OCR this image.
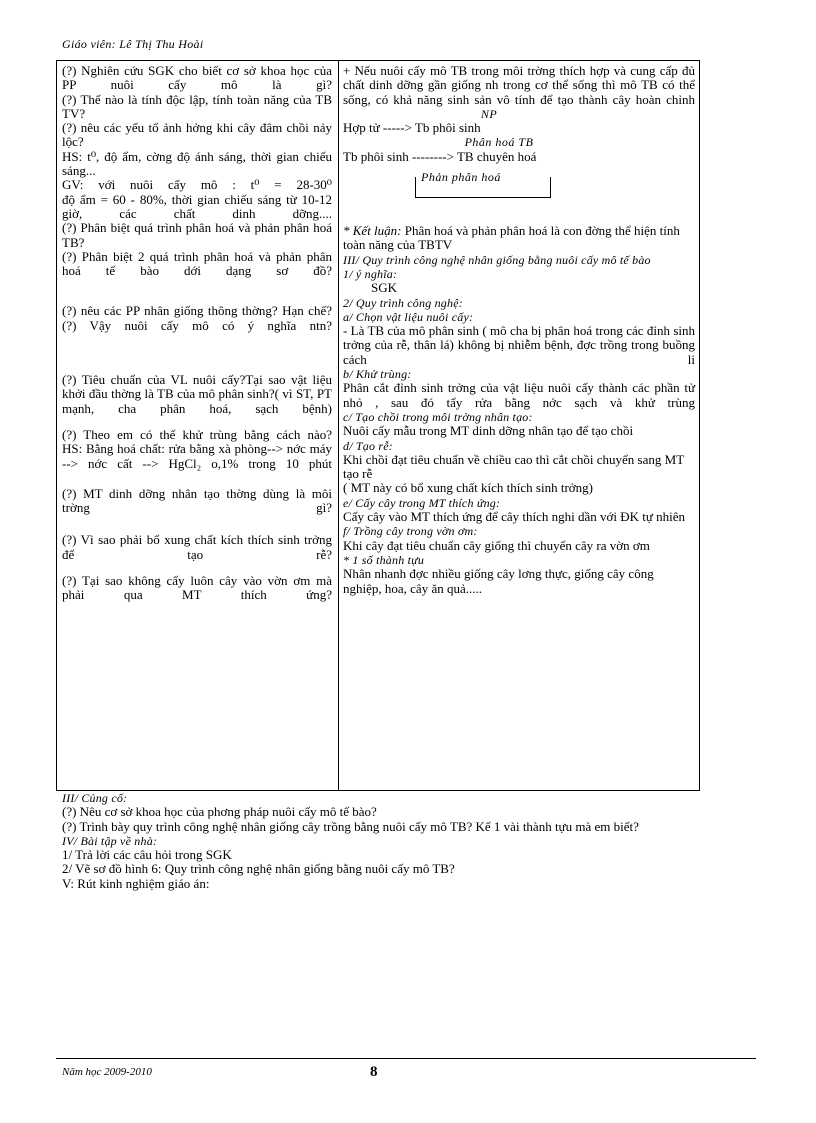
Giáo viên: Lê Thị Thu Hoài

(?) Nghiên cứu SGK cho biết cơ sở khoa học của PP nuôi cấy mô là gì?

(?) Thế nào là tính độc lập, tính toàn năng của TB TV?

(?) nêu các yếu tố ảnh hởng khi cây đâm chồi nảy lộc?

HS: t⁰, độ ẩm, cờng độ ánh sáng, thời gian chiếu sáng...

GV: với nuôi cấy mô : t⁰ = 28-30⁰

độ ẩm = 60 - 80%, thời gian chiếu sáng từ 10-12 giờ, các chất dinh dỡng....

(?) Phân biệt quá trình phân hoá và phản phân hoá TB?

(?) Phân biệt 2 quá trình phân hoá và phản phân hoá tế bào dới dạng sơ đồ?

(?) nêu các PP nhân giống thông thờng? Hạn chế?

(?) Vậy nuôi cấy mô có ý nghĩa ntn?

(?) Tiêu chuẩn của VL nuôi cấy?Tại sao vật liệu khởi đầu thờng là TB của mô phân sinh?( vì ST, PT mạnh, cha phân hoá, sạch bệnh)

(?) Theo em có thể khử trùng bằng cách nào?

HS: Bằng hoá chất: rửa bằng xà phòng--> nớc máy --> nớc cất --> HgCl₂ o,1% trong 10 phút

(?) MT dinh dỡng nhân tạo thờng dùng là môi trờng gì?

(?) Vì sao phải bổ xung chất kích thích sinh trởng để tạo rễ?

(?) Tại sao không cấy luôn cây vào vờn ơm mà phải qua MT thích ứng?

+ Nếu nuôi cấy mô TB trong môi trờng thích hợp và cung cấp đủ chất dinh dỡng gần giống nh trong cơ thể sống thì mô TB có thể sống, có khả năng sinh sản vô tính để tạo thành cây hoàn chỉnh

NP

Hợp tử -----> Tb phôi sinh

Phân hoá TB

Tb phôi sinh --------> TB chuyên hoá

Phản phân hoá

* Kết luận: Phân hoá và phản phân hoá là con đờng thể hiện tính toàn năng của TBTV

III/ Quy trình công nghệ nhân giống bằng nuôi cấy mô tế bào

1/ ý nghĩa:

SGK

2/ Quy trình công nghệ:

a/ Chọn vật liệu nuôi cấy:

- Là TB của mô phân sinh ( mô cha bị phân hoá trong các đỉnh sinh trởng của rễ, thân lá) không bị nhiễm bệnh, đợc trồng trong buồng cách li

b/ Khử trùng:

Phân cắt đỉnh sinh trởng của vật liệu nuôi cấy thành các phần tử nhỏ , sau đó tẩy rửa bằng nớc sạch và khử trùng

c/ Tạo chồi trong môi trờng nhân tạo:

Nuôi cấy mẫu trong MT dinh dỡng nhân tạo để tạo chồi

d/ Tạo rễ:

Khi chồi đạt tiêu chuẩn về chiều cao thì cắt chồi chuyển sang MT tạo rễ

( MT này có bổ xung chất kích thích sinh trởng)

e/ Cấy cây trong MT thích ứng:

Cấy cây vào MT thích ứng để cây thích nghi dần với ĐK tự nhiên

f/ Trồng cây trong vờn ơm:

Khi cây đạt tiêu chuẩn cây giống thì chuyển cây ra vờn ơm

* 1 số thành tựu

Nhân nhanh đợc nhiều giống cây lơng thực, giống cây công nghiệp, hoa, cây ăn quả.....

III/ Củng cố:

(?) Nêu cơ sở khoa học của phơng pháp nuôi cấy mô tế bào?

(?) Trình bày quy trình công nghệ nhân giống cây trồng bằng nuôi cấy mô TB? Kể 1 vài thành tựu mà em biết?

IV/ Bài tập về nhà:

1/ Trả lời các câu hỏi trong SGK

2/ Vẽ sơ đồ hình 6: Quy trình công nghệ nhân giống bằng nuôi cấy mô TB?

V: Rút kinh nghiệm giáo án:

Năm học 2009-2010	8
